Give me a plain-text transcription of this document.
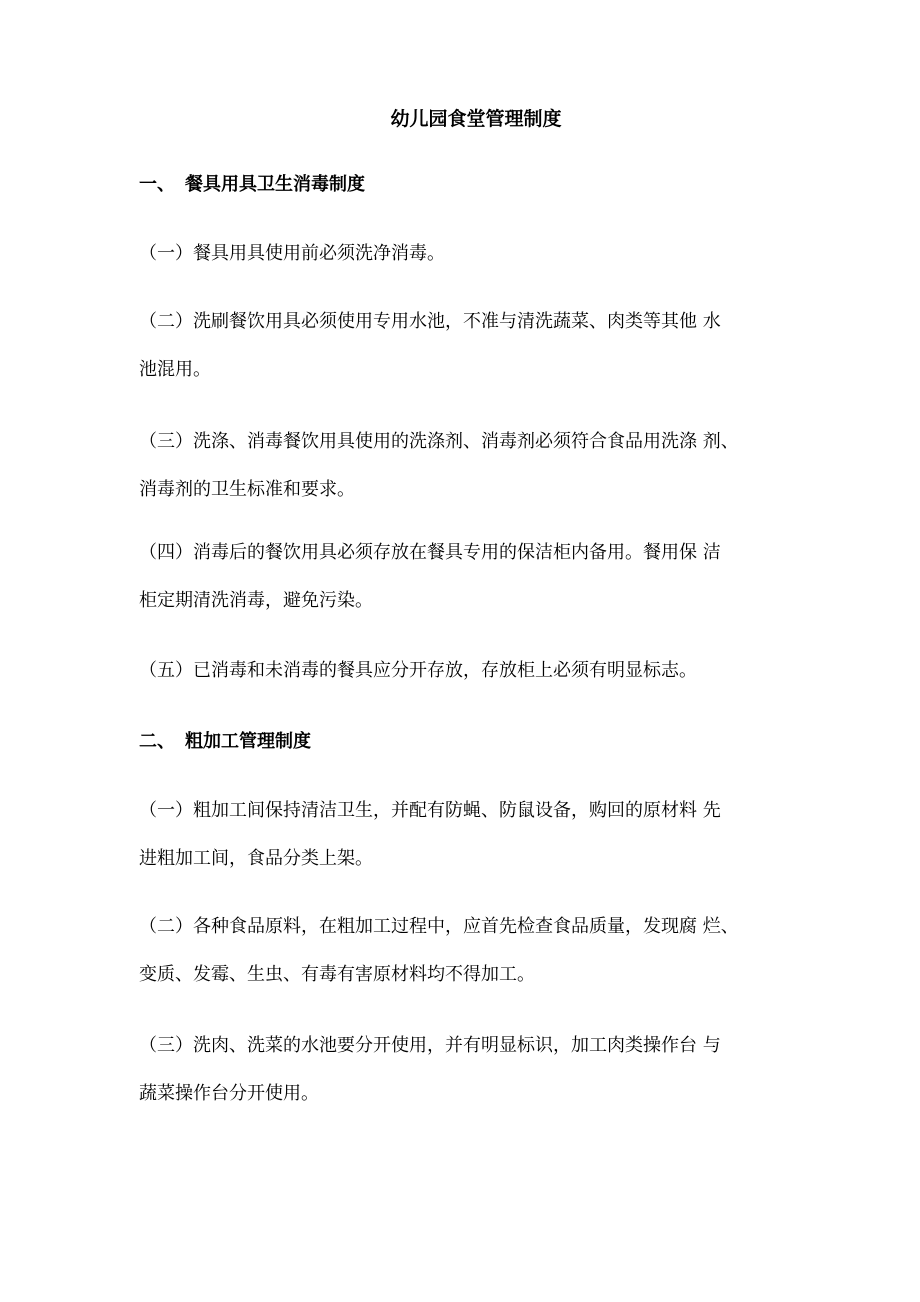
幼儿园食堂管理制度
一、 餐具用具卫生消毒制度
（一）餐具用具使用前必须洗净消毒。
（二）洗刷餐饮用具必须使用专用水池，不准与清洗蔬菜、肉类等其他 水
池混用。
（三）洗涤、消毒餐饮用具使用的洗涤剂、消毒剂必须符合食品用洗涤 剂、
消毒剂的卫生标准和要求。
（四）消毒后的餐饮用具必须存放在餐具专用的保洁柜内备用。餐用保 洁
柜定期清洗消毒，避免污染。
（五）已消毒和未消毒的餐具应分开存放，存放柜上必须有明显标志。
二、 粗加工管理制度
（一）粗加工间保持清洁卫生，并配有防蝇、防鼠设备，购回的原材料 先
进粗加工间，食品分类上架。
（二）各种食品原料，在粗加工过程中，应首先检查食品质量，发现腐 烂、
变质、发霉、生虫、有毒有害原材料均不得加工。
（三）洗肉、洗菜的水池要分开使用，并有明显标识，加工肉类操作台 与
蔬菜操作台分开使用。
